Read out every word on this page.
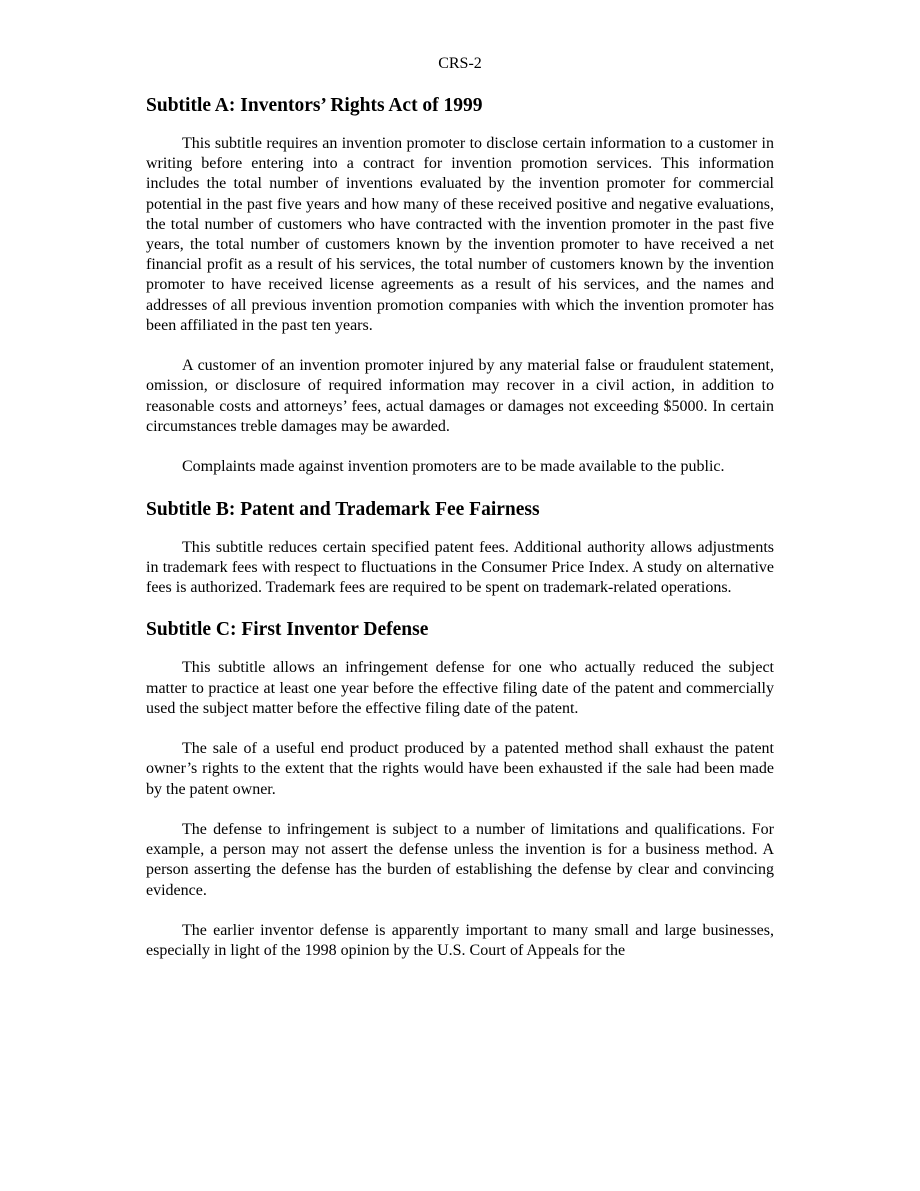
CRS-2
Subtitle A: Inventors’ Rights Act of 1999

This subtitle requires an invention promoter to disclose certain information to a customer in writing before entering into a contract for invention promotion services. This information includes the total number of inventions evaluated by the invention promoter for commercial potential in the past five years and how many of these received positive and negative evaluations, the total number of customers who have contracted with the invention promoter in the past five years, the total number of customers known by the invention promoter to have received a net financial profit as a result of his services, the total number of customers known by the invention promoter to have received license agreements as a result of his services, and the names and addresses of all previous invention promotion companies with which the invention promoter has been affiliated in the past ten years.

A customer of an invention promoter injured by any material false or fraudulent statement, omission, or disclosure of required information may recover in a civil action, in addition to reasonable costs and attorneys’ fees, actual damages or damages not exceeding $5000. In certain circumstances treble damages may be awarded.

Complaints made against invention promoters are to be made available to the public.

Subtitle B: Patent and Trademark Fee Fairness

This subtitle reduces certain specified patent fees. Additional authority allows adjustments in trademark fees with respect to fluctuations in the Consumer Price Index. A study on alternative fees is authorized. Trademark fees are required to be spent on trademark-related operations.

Subtitle C: First Inventor Defense

This subtitle allows an infringement defense for one who actually reduced the subject matter to practice at least one year before the effective filing date of the patent and commercially used the subject matter before the effective filing date of the patent.

The sale of a useful end product produced by a patented method shall exhaust the patent owner’s rights to the extent that the rights would have been exhausted if the sale had been made by the patent owner.

The defense to infringement is subject to a number of limitations and qualifications. For example, a person may not assert the defense unless the invention is for a business method. A person asserting the defense has the burden of establishing the defense by clear and convincing evidence.

The earlier inventor defense is apparently important to many small and large businesses, especially in light of the 1998 opinion by the U.S. Court of Appeals for the
